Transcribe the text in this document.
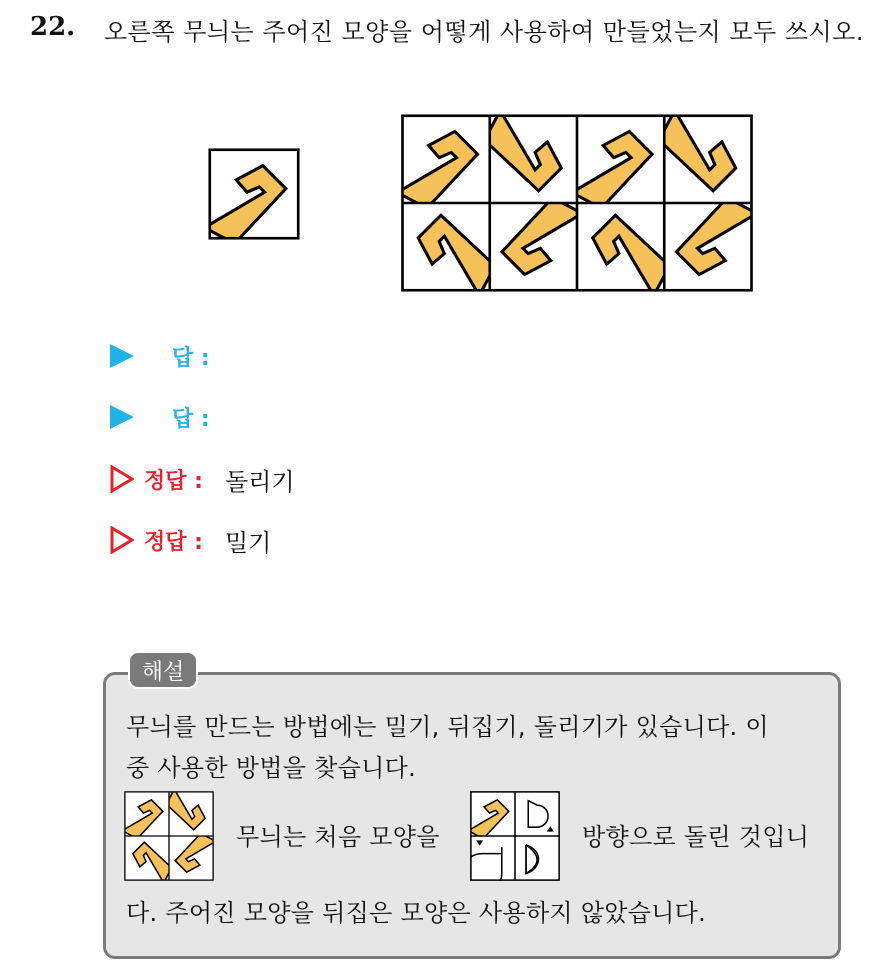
22. 오른쪽 무늬는 주어진 모양을 어떻게 사용하여 만들었는지 모두 쓰시오.
답 :
답 :
정답 : 돌리기
정답 : 밀기
해설
무늬를 만드는 방법에는 밀기, 뒤집기, 돌리기가 있습니다. 이
중 사용한 방법을 찾습니다.
무늬는 처음 모양을	방향으로 돌린 것입니
다. 주어진 모양을 뒤집은 모양은 사용하지 않았습니다.
